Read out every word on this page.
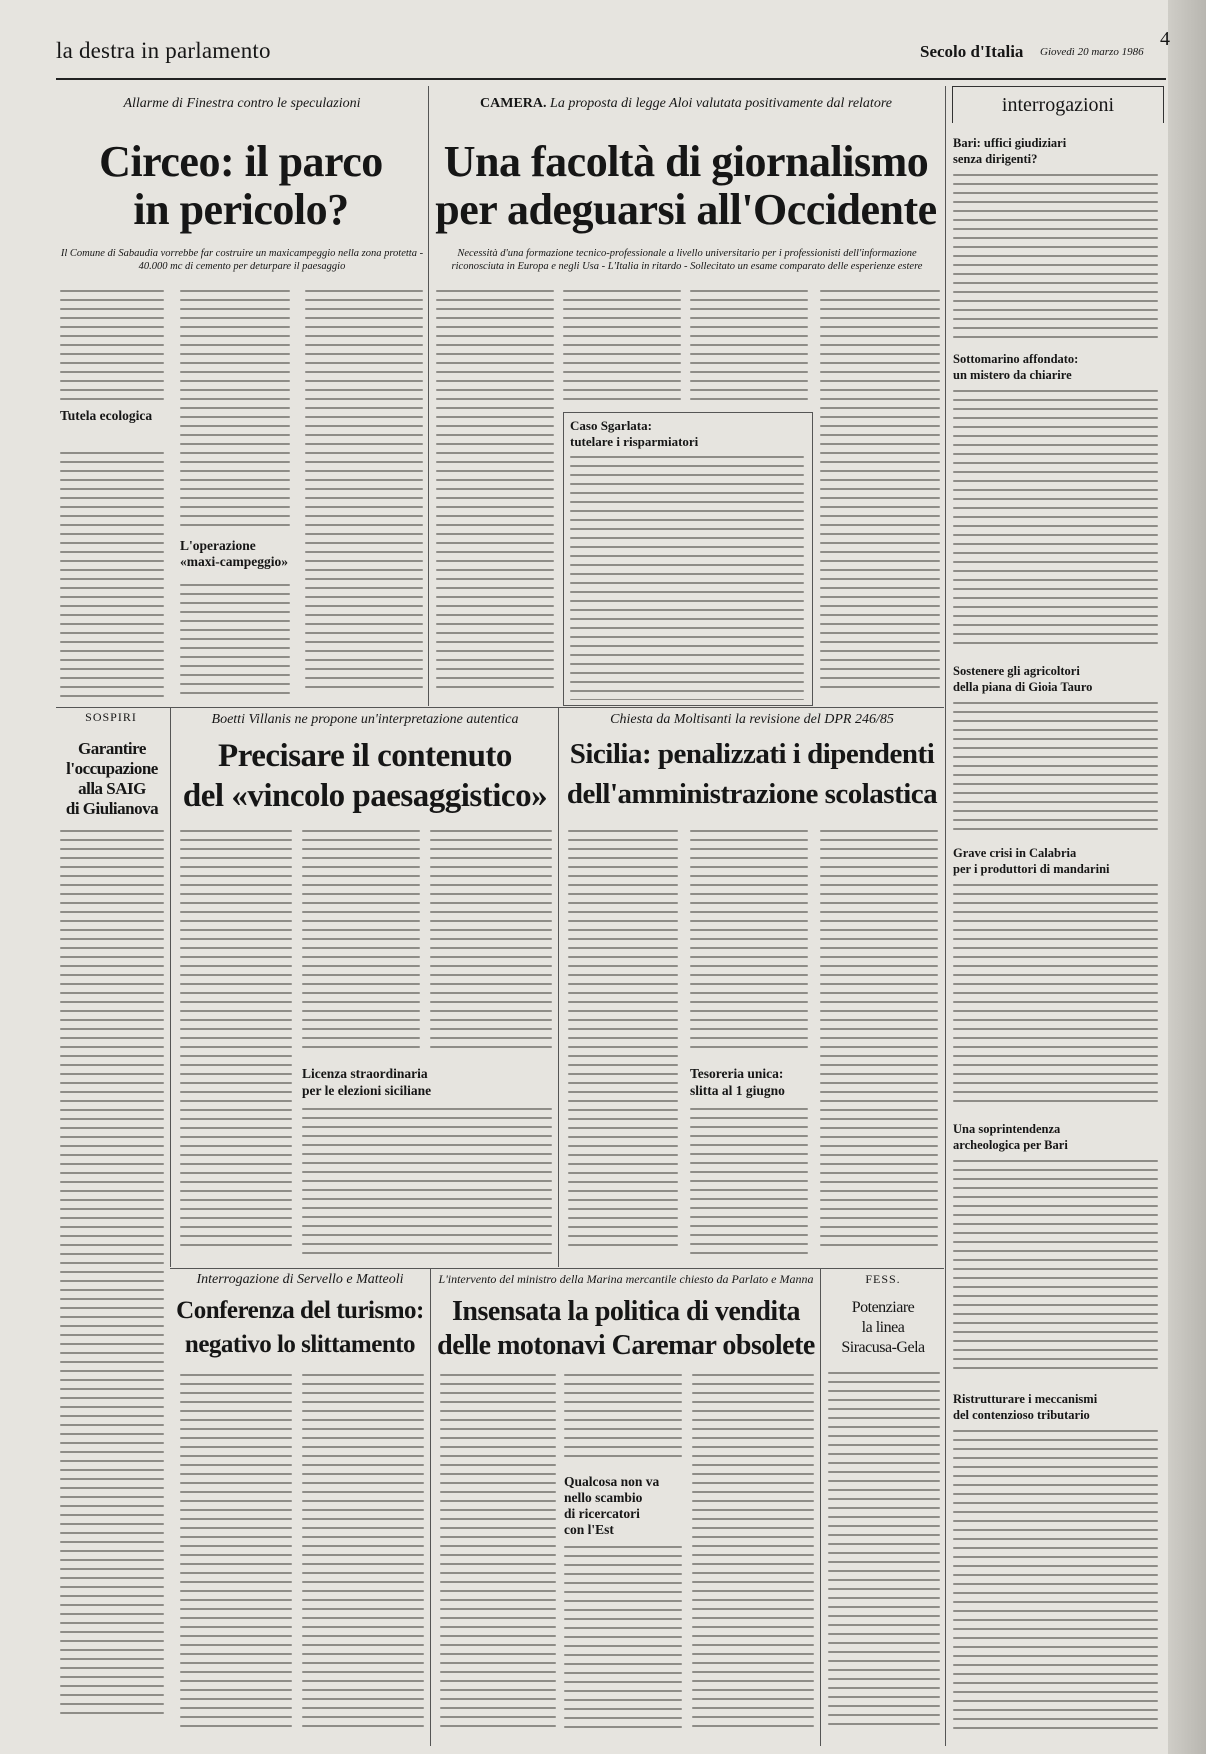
la destra in parlamento	Secolo d'Italia Giovedì 20 marzo 1986
4
Allarme di Finestra contro le speculazioni
Circeo: il parco
in pericolo?
Il Comune di Sabaudia vorrebbe far costruire un maxicampeggio nella zona protetta - 40.000 mc di cemento per deturpare il paesaggio
Tutela ecologica
L'operazione «maxi-campeggio»
CAMERA. La proposta di legge Aloi valutata positivamente dal relatore
Una facoltà di giornalismo
per adeguarsi all'Occidente
Necessità d'una formazione tecnico-professionale a livello universitario per i professionisti dell'informazione riconosciuta in Europa e negli Usa - L'Italia in ritardo - Sollecitato un esame comparato delle esperienze estere
Caso Sgarlata:
tutelare i risparmiatori
SOSPIRI
Garantire
l'occupazione
alla SAIG
di Giulianova
Boetti Villanis ne propone un'interpretazione autentica
Precisare il contenuto
del «vincolo paesaggistico»
Licenza straordinaria
per le elezioni siciliane
Chiesta da Moltisanti la revisione del DPR 246/85
Sicilia: penalizzati i dipendenti
dell'amministrazione scolastica
Tesoreria unica:
slitta al 1 giugno
Interrogazione di Servello e Matteoli
Conferenza del turismo:
negativo lo slittamento
L'intervento del ministro della Marina mercantile chiesto da Parlato e Manna
Insensata la politica di vendita
delle motonavi Caremar obsolete
Qualcosa non va
nello scambio
di ricercatori
con l'Est
FESS.
Potenziare
la linea
Siracusa-Gela
interrogazioni
Bari: uffici giudiziari
senza dirigenti?
Sottomarino affondato:
un mistero da chiarire
Sostenere gli agricoltori
della piana di Gioia Tauro
Grave crisi in Calabria
per i produttori di mandarini
Una soprintendenza
archeologica per Bari
Ristrutturare i meccanismi
del contenzioso tributario
